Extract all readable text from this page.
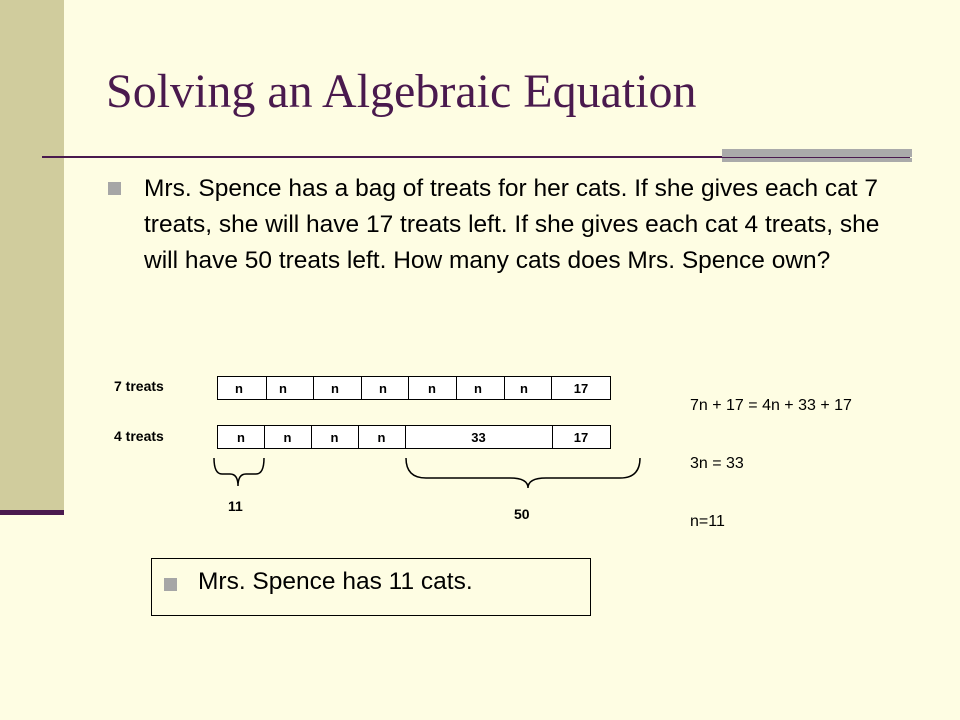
Solving an Algebraic Equation
Mrs. Spence has a bag of treats for her cats. If she gives each cat 7 treats, she will have 17 treats left. If she gives each cat 4 treats, she will have 50 treats left. How many cats does Mrs. Spence own?
7 treats
4 treats
n	n	n	n	n	n	n	17
n	n	n	n	33	17
11	50
7n + 17 = 4n + 33 + 17
3n = 33
n=11
Mrs. Spence has 11 cats.
